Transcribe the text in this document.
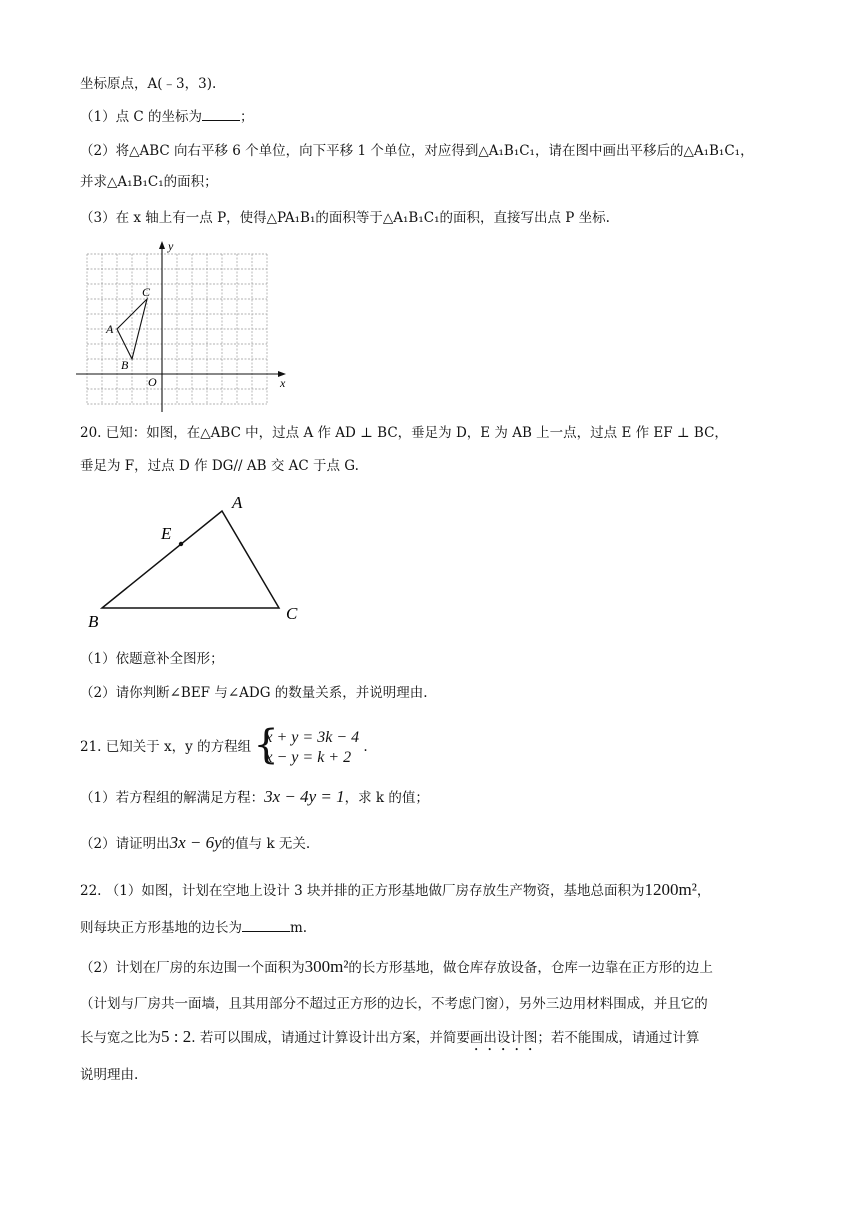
坐标原点，A(﹣3，3).
（1）点 C 的坐标为	；
（2）将△ABC 向右平移 6 个单位，向下平移 1 个单位，对应得到△A₁B₁C₁，请在图中画出平移后的△A₁B₁C₁，
并求△A₁B₁C₁的面积；
（3）在 x 轴上有一点 P，使得△PA₁B₁的面积等于△A₁B₁C₁的面积，直接写出点 P 坐标.
x
y
O
A
B
C
20. 已知：如图，在△ABC 中，过点 A 作 AD ⊥ BC，垂足为 D，E 为 AB 上一点，过点 E 作 EF ⊥ BC，
垂足为 F，过点 D 作 DG// AB 交 AC 于点 G.
A
B	C
E
（1）依题意补全图形；
（2）请你判断∠BEF 与∠ADG 的数量关系，并说明理由.
21. 已知关于 x，y 的方程组 {
x + y = 3k − 4
x − y = k + 2
.
（1）若方程组的解满足方程：3x − 4y = 1，求 k 的值；
（2）请证明出3x − 6y的值与 k 无关.
22. （1）如图，计划在空地上设计 3 块并排的正方形基地做厂房存放生产物资，基地总面积为1200m²，
则每块正方形基地的边长为	m.
（2）计划在厂房的东边围一个面积为300m²的长方形基地，做仓库存放设备，仓库一边靠在正方形的边上
（计划与厂房共一面墙，且其用部分不超过正方形的边长，不考虑门窗），另外三边用材料围成，并且它的
长与宽之比为5 : 2. 若可以围成，请通过计算设计出方案，并简要画出设计图；若不能围成，请通过计算
说明理由.
